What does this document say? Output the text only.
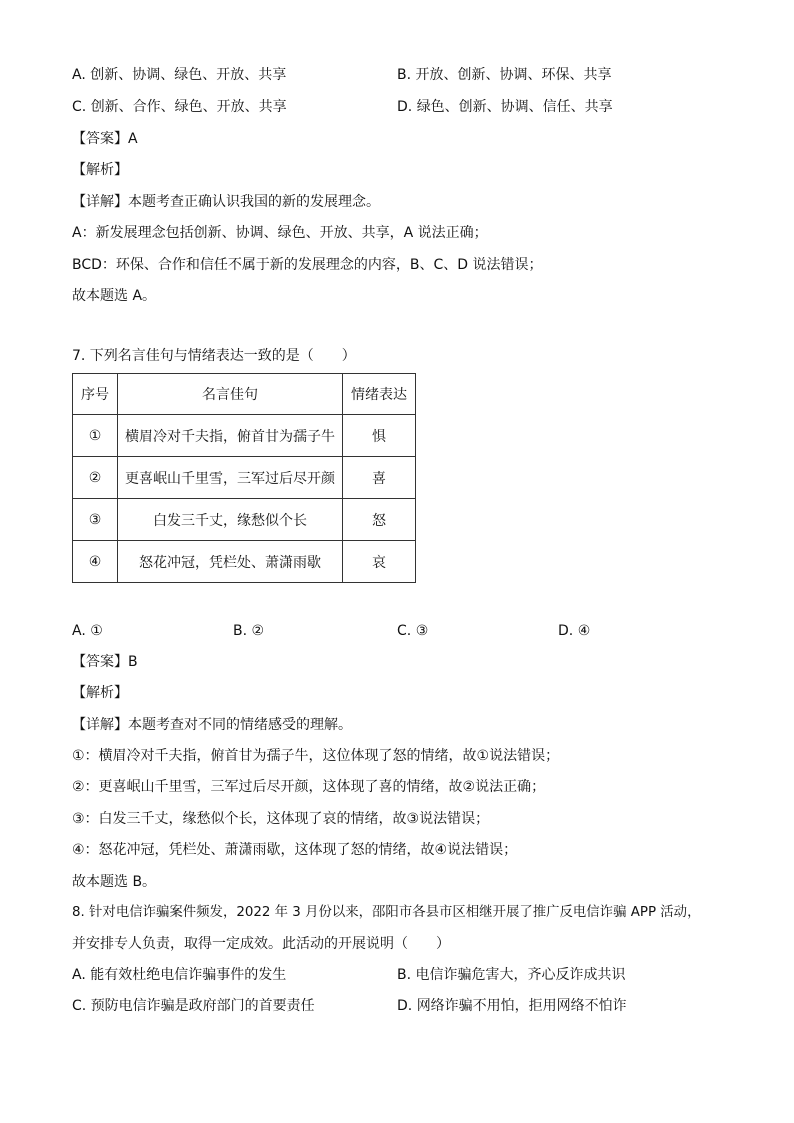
A. 创新、协调、绿色、开放、共享	B. 开放、创新、协调、环保、共享
C. 创新、合作、绿色、开放、共享	D. 绿色、创新、协调、信任、共享
【答案】A
【解析】
【详解】本题考查正确认识我国的新的发展理念。
A：新发展理念包括创新、协调、绿色、开放、共享，A 说法正确；
BCD：环保、合作和信任不属于新的发展理念的内容，B、C、D 说法错误；
故本题选 A。
7. 下列名言佳句与情绪表达一致的是（　　）
序号	名言佳句	情绪表达
①	横眉冷对千夫指，俯首甘为孺子牛	惧
②	更喜岷山千里雪，三军过后尽开颜	喜
③	白发三千丈，缘愁似个长	怒
④	怒花冲冠，凭栏处、萧潇雨歇	哀
A. ①	B. ②	C. ③	D. ④
【答案】B
【解析】
【详解】本题考查对不同的情绪感受的理解。
①：横眉冷对千夫指，俯首甘为孺子牛，这位体现了怒的情绪，故①说法错误；
②：更喜岷山千里雪，三军过后尽开颜，这体现了喜的情绪，故②说法正确；
③：白发三千丈，缘愁似个长，这体现了哀的情绪，故③说法错误；
④：怒花冲冠，凭栏处、萧潇雨歇，这体现了怒的情绪，故④说法错误；
故本题选 B。
8. 针对电信诈骗案件频发，2022 年 3 月份以来，邵阳市各县市区相继开展了推广反电信诈骗 APP 活动，
并安排专人负责，取得一定成效。此活动的开展说明（　　）
A. 能有效杜绝电信诈骗事件的发生	B. 电信诈骗危害大，齐心反诈成共识
C. 预防电信诈骗是政府部门的首要责任	D. 网络诈骗不用怕，拒用网络不怕诈
